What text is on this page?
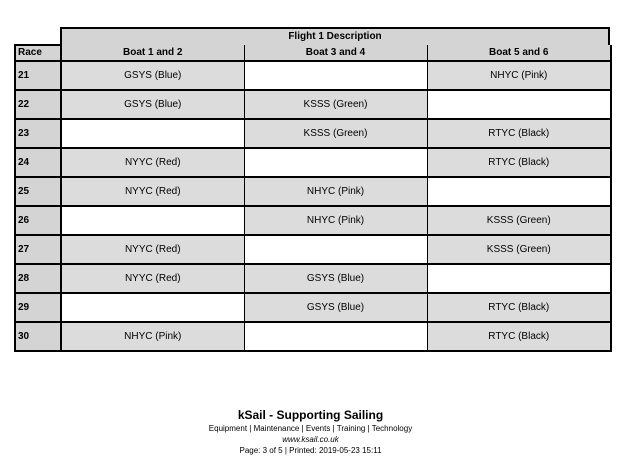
Flight 1 Description
Race	Boat 1 and 2	Boat 3 and 4	Boat 5 and 6
21	GSYS (Blue)		NHYC (Pink)
22	GSYS (Blue)	KSSS (Green)	
23		KSSS (Green)	RTYC (Black)
24	NYYC (Red)		RTYC (Black)
25	NYYC (Red)	NHYC (Pink)	
26		NHYC (Pink)	KSSS (Green)
27	NYYC (Red)		KSSS (Green)
28	NYYC (Red)	GSYS (Blue)	
29		GSYS (Blue)	RTYC (Black)
30	NHYC (Pink)		RTYC (Black)
kSail - Supporting Sailing
Equipment | Maintenance | Events | Training | Technology
www.ksail.co.uk
Page: 3 of 5 | Printed: 2019-05-23 15:11
